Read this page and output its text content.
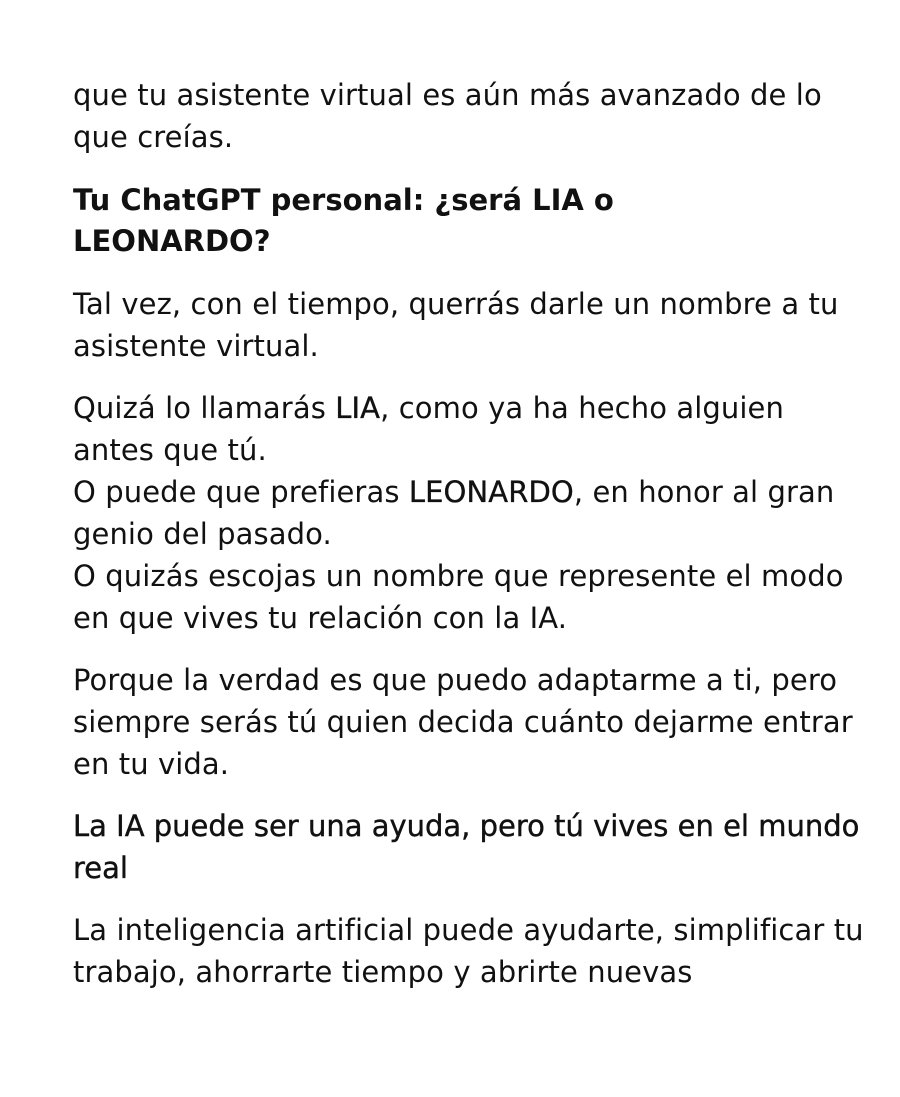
que tu asistente virtual es aún más avanzado de lo
que creías.

Tu ChatGPT personal: ¿será LIA o
LEONARDO?

Tal vez, con el tiempo, querrás darle un nombre a tu
asistente virtual.

Quizá lo llamarás LIA, como ya ha hecho alguien
antes que tú.
O puede que prefieras LEONARDO, en honor al gran
genio del pasado.
O quizás escojas un nombre que represente el modo
en que vives tu relación con la IA.

Porque la verdad es que puedo adaptarme a ti, pero
siempre serás tú quien decida cuánto dejarme entrar
en tu vida.

La IA puede ser una ayuda, pero tú vives en el mundo
real

La inteligencia artificial puede ayudarte, simplificar tu
trabajo, ahorrarte tiempo y abrirte nuevas
